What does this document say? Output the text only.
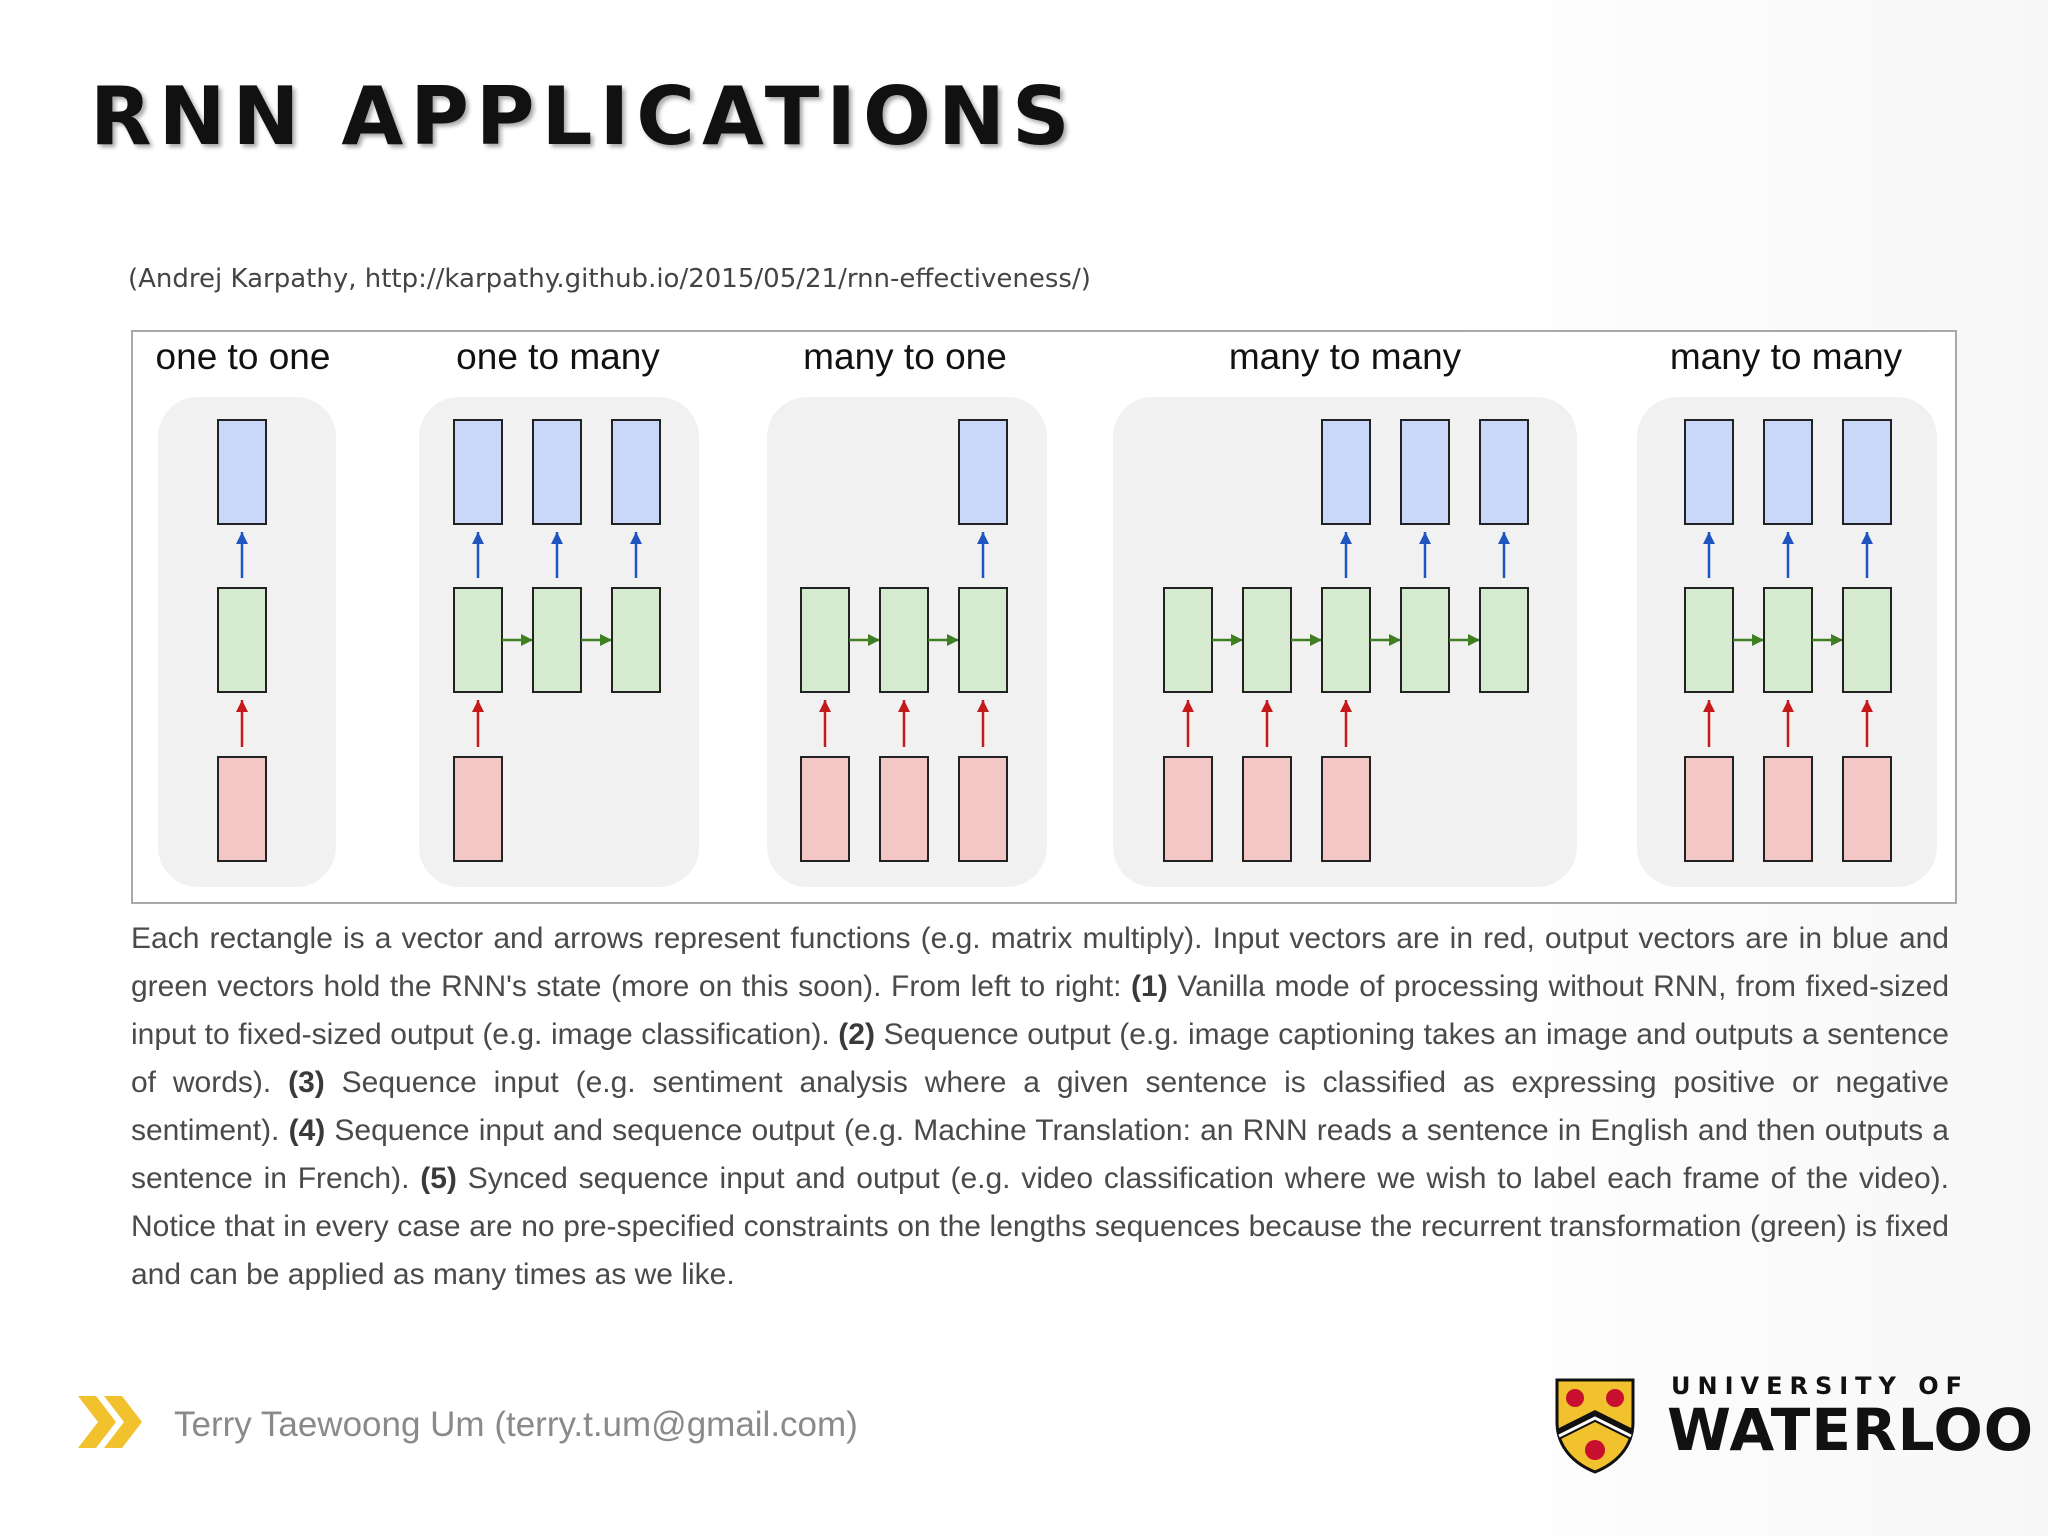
RNN APPLICATIONS
(Andrej Karpathy, http://karpathy.github.io/2015/05/21/rnn-effectiveness/)
one to one	one to many	many to one	many to many	many to many
Each rectangle is a vector and arrows represent functions (e.g. matrix multiply). Input vectors are in red, output vectors are in blue and green vectors hold the RNN's state (more on this soon). From left to right: (1) Vanilla mode of processing without RNN, from fixed-sized input to fixed-sized output (e.g. image classification). (2) Sequence output (e.g. image captioning takes an image and outputs a sentence of words). (3) Sequence input (e.g. sentiment analysis where a given sentence is classified as expressing positive or negative sentiment). (4) Sequence input and sequence output (e.g. Machine Translation: an RNN reads a sentence in English and then outputs a sentence in French). (5) Synced sequence input and output (e.g. video classification where we wish to label each frame of the video). Notice that in every case are no pre-specified constraints on the lengths sequences because the recurrent transformation (green) is fixed and can be applied as many times as we like.
Terry Taewoong Um (terry.t.um@gmail.com)
UNIVERSITY OF
WATERLOO
